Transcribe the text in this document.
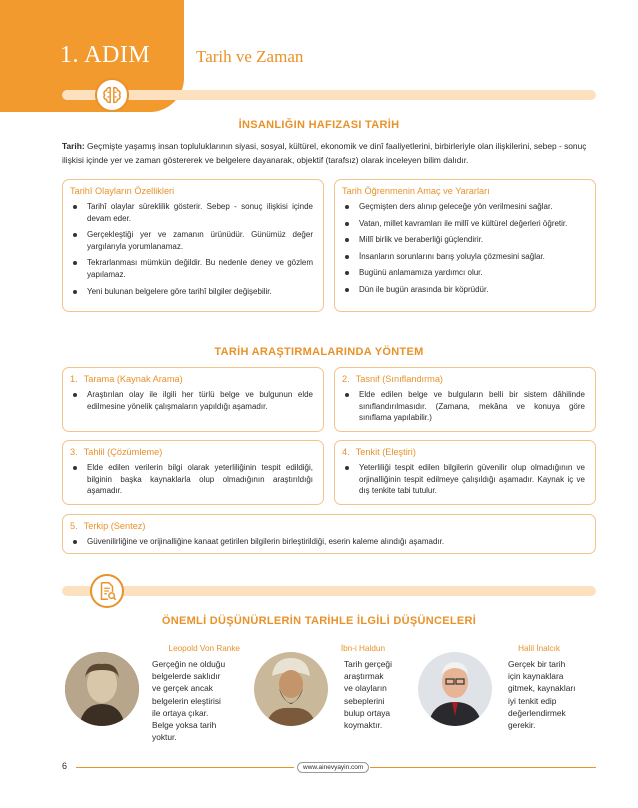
1. ADIM	Tarih ve Zaman
İNSANLIĞIN HAFIZASI TARİH
Tarih: Geçmişte yaşamış insan topluluklarının siyasi, sosyal, kültürel, ekonomik ve dinî faaliyetlerini, birbirleriyle olan ilişkilerini, sebep - sonuç ilişkisi içinde yer ve zaman göstererek ve belgelere dayanarak, objektif (tarafsız) olarak inceleyen bilim dalıdır.
Tarihî Olayların Özellikleri
Tarihî olaylar süreklilik gösterir. Sebep - sonuç ilişkisi içinde devam eder.
Gerçekleştiği yer ve zamanın ürünüdür. Günümüz değer yargılarıyla yorumlanamaz.
Tekrarlanması mümkün değildir. Bu nedenle deney ve gözlem yapılamaz.
Yeni bulunan belgelere göre tarihî bilgiler değişebilir.
Tarih Öğrenmenin Amaç ve Yararları
Geçmişten ders alınıp geleceğe yön verilmesini sağlar.
Vatan, millet kavramları ile millî ve kültürel değerleri öğretir.
Millî birlik ve beraberliği güçlendirir.
İnsanların sorunlarını barış yoluyla çözmesini sağlar.
Bugünü anlamamıza yardımcı olur.
Dün ile bugün arasında bir köprüdür.
TARİH ARAŞTIRMALARINDA YÖNTEM
1. Tarama (Kaynak Arama)
Araştırılan olay ile ilgili her türlü belge ve bulgunun elde edilmesine yönelik çalışmaların yapıldığı aşamadır.
2. Tasnif (Sınıflandırma)
Elde edilen belge ve bulguların belli bir sistem dâhilinde sınıflandırılmasıdır. (Zamana, mekâna ve konuya göre sınıflama yapılabilir.)
3. Tahlil (Çözümleme)
Elde edilen verilerin bilgi olarak yeterliliğinin tespit edildiği, bilginin başka kaynaklarla olup olmadığının araştırıldığı aşamadır.
4. Tenkit (Eleştiri)
Yeterliliği tespit edilen bilgilerin güvenilir olup olmadığının ve orjinalliğinin tespit edilmeye çalışıldığı aşamadır. Kaynak iç ve dış tenkite tabi tutulur.
5. Terkip (Sentez)
Güvenilirliğine ve orijinalliğine kanaat getirilen bilgilerin birleştirildiği, eserin kaleme alındığı aşamadır.
ÖNEMLİ DÜŞÜNÜRLERİN TARİHLE İLGİLİ DÜŞÜNCELERİ
Leopold Von Ranke
Gerçeğin ne olduğu
belgelerde saklıdır
ve gerçek ancak
belgelerin eleştirisi
ile ortaya çıkar.
Belge yoksa tarih
yoktur.
İbn-i Haldun
Tarih gerçeği
araştırmak
ve olayların
sebeplerini
bulup ortaya
koymaktır.
Halil İnalcık
Gerçek bir tarih
için kaynaklara
gitmek, kaynakları
iyi tenkit edip
değerlendirmek
gerekir.
6	www.ainevyayin.com
